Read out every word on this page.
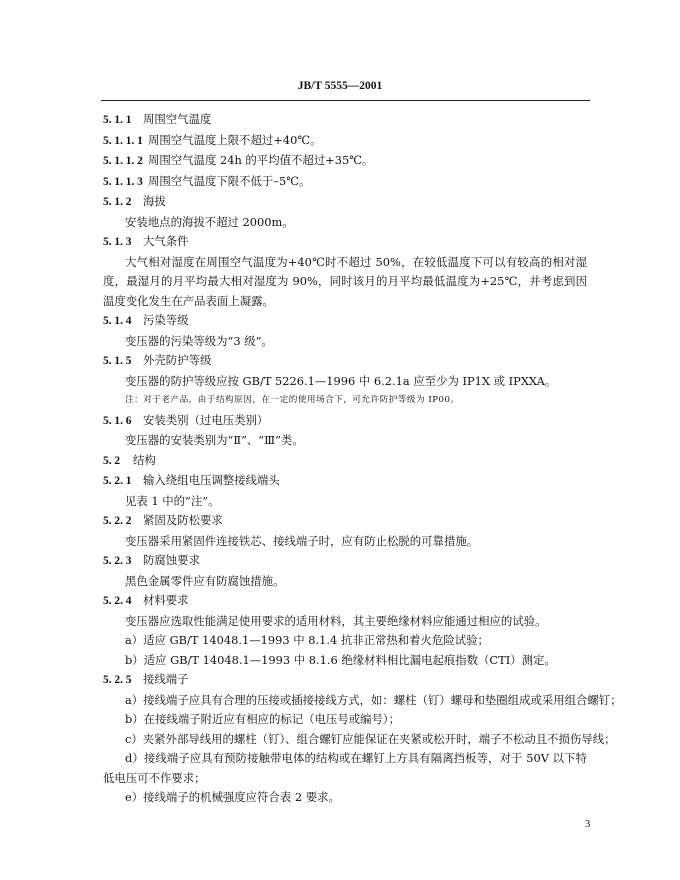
JB/T 5555—2001
5. 1. 1 周围空气温度
5. 1. 1. 1 周围空气温度上限不超过+40℃。
5. 1. 1. 2 周围空气温度 24h 的平均值不超过+35℃。
5. 1. 1. 3 周围空气温度下限不低于–5℃。
5. 1. 2 海拔
安装地点的海拔不超过 2000m。
5. 1. 3 大气条件
大气相对湿度在周围空气温度为+40℃时不超过 50%，在较低温度下可以有较高的相对湿度，最湿月的月平均最大相对湿度为 90%，同时该月的月平均最低温度为+25℃，并考虑到因温度变化发生在产品表面上凝露。
5. 1. 4 污染等级
变压器的污染等级为“3 级”。
5. 1. 5 外壳防护等级
变压器的防护等级应按 GB/T 5226.1—1996 中 6.2.1a 应至少为 IP1X 或 IPXXA。
注：对于老产品，由于结构原因，在一定的使用场合下，可允许防护等级为 IP00。
5. 1. 6 安装类别（过电压类别）
变压器的安装类别为“Ⅱ”、“Ⅲ”类。
5. 2 结构
5. 2. 1 输入绕组电压调整接线端头
见表 1 中的“注”。
5. 2. 2 紧固及防松要求
变压器采用紧固件连接铁芯、接线端子时，应有防止松脱的可靠措施。
5. 2. 3 防腐蚀要求
黑色金属零件应有防腐蚀措施。
5. 2. 4 材料要求
变压器应选取性能满足使用要求的适用材料，其主要绝缘材料应能通过相应的试验。
a）适应 GB/T 14048.1—1993 中 8.1.4 抗非正常热和着火危险试验；
b）适应 GB/T 14048.1—1993 中 8.1.6 绝缘材料相比漏电起痕指数（CTI）测定。
5. 2. 5 接线端子
a）接线端子应具有合理的压接或插接接线方式，如：螺柱（钉）螺母和垫圈组成或采用组合螺钉；
b）在接线端子附近应有相应的标记（电压号或编号）；
c）夹紧外部导线用的螺柱（钉）、组合螺钉应能保证在夹紧或松开时，端子不松动且不损伤导线；
d）接线端子应具有预防接触带电体的结构或在螺钉上方具有隔离挡板等，对于 50V 以下特低电压可不作要求；
e）接线端子的机械强度应符合表 2 要求。
3
